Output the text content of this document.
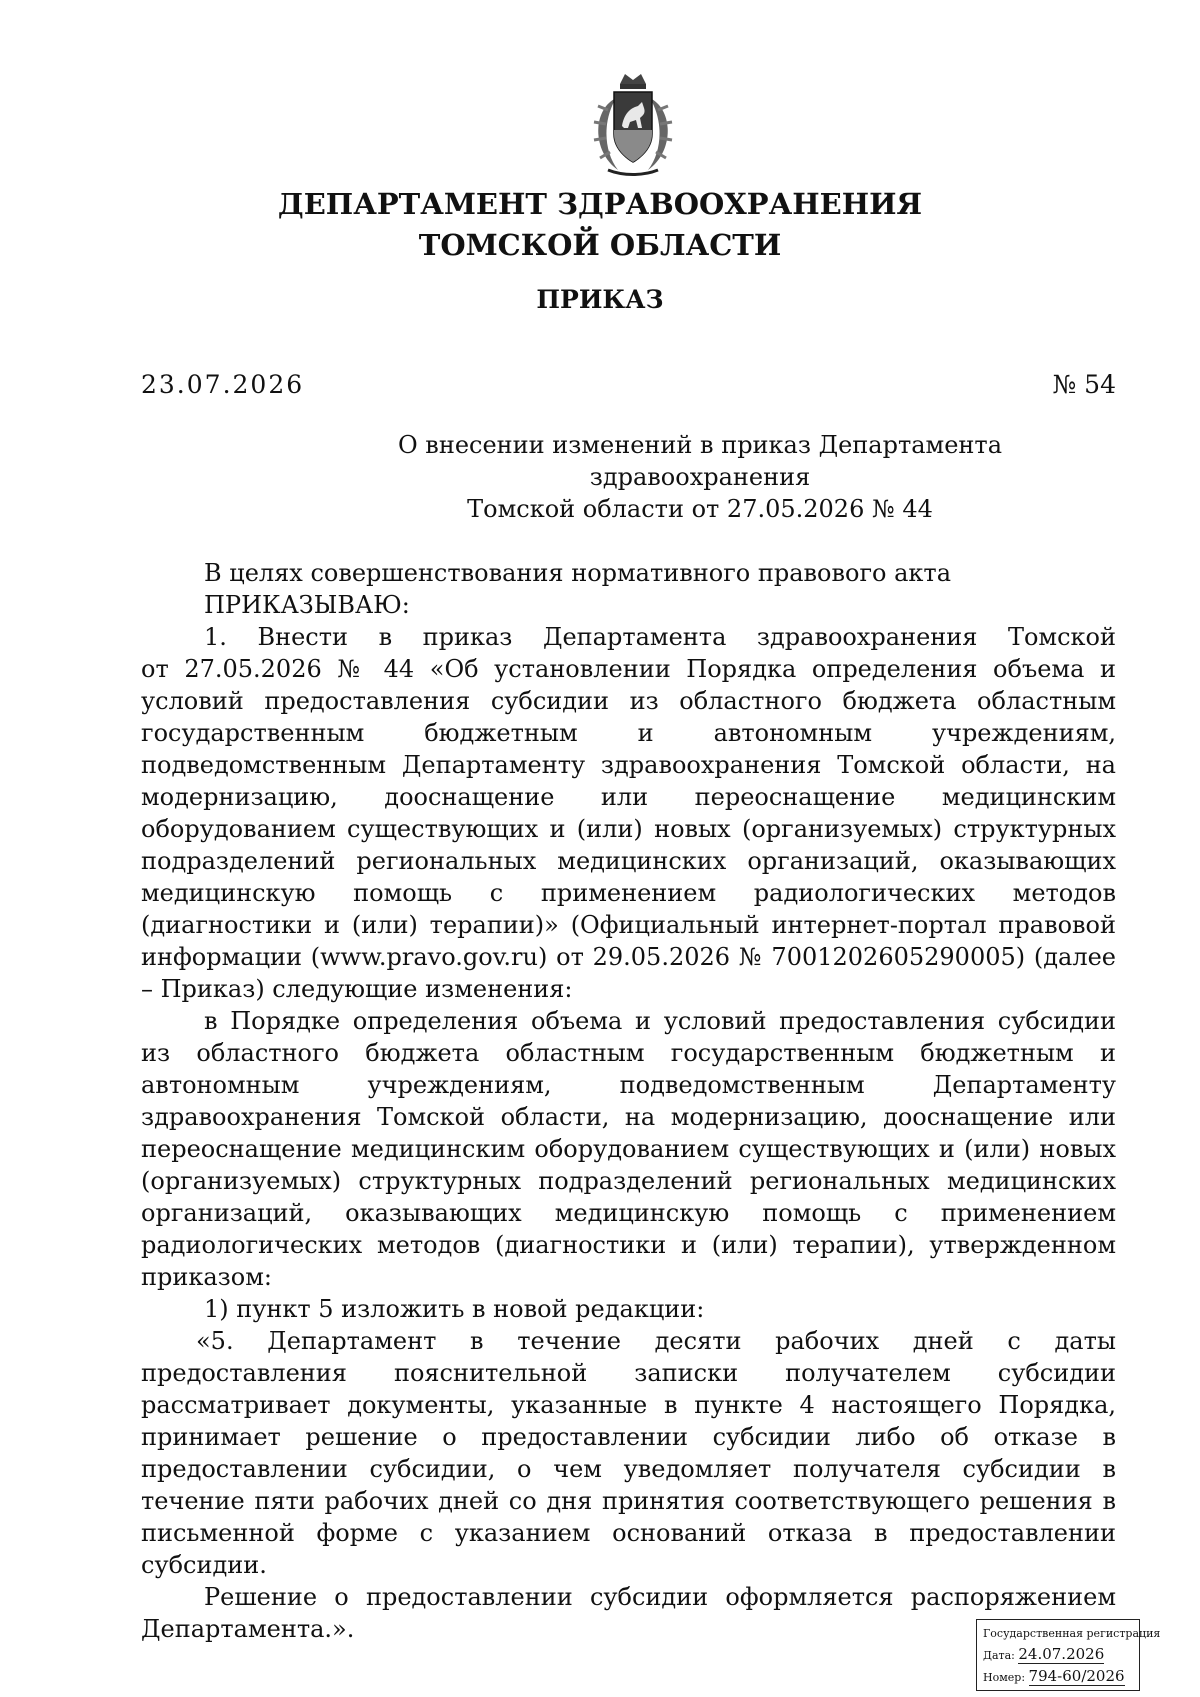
ДЕПАРТАМЕНТ ЗДРАВООХРАНЕНИЯ
ТОМСКОЙ ОБЛАСТИ
ПРИКАЗ
23.07.2026	№ 54
О внесении изменений в приказ Департамента здравоохранения
Томской области от 27.05.2026 № 44

В целях совершенствования нормативного правового акта

ПРИКАЗЫВАЮ:

1. Внести в приказ Департамента здравоохранения Томской

от 27.05.2026 № 44 «Об установлении Порядка определения объема и условий предоставления субсидии из областного бюджета областным государственным бюджетным и автономным учреждениям, подведомственным Департаменту здравоохранения Томской области, на модернизацию, дооснащение или переоснащение медицинским оборудованием существующих и (или) новых (организуемых) структурных подразделений региональных медицинских организаций, оказывающих медицинскую помощь с применением радиологических методов (диагностики и (или) терапии)» (Официальный интернет-портал правовой информации (www.pravo.gov.ru) от 29.05.2026 № 7001202605290005) (далее – Приказ) следующие изменения:

в Порядке определения объема и условий предоставления субсидии из областного бюджета областным государственным бюджетным и автономным учреждениям, подведомственным Департаменту здравоохранения Томской области, на модернизацию, дооснащение или переоснащение медицинским оборудованием существующих и (или) новых (организуемых) структурных подразделений региональных медицинских организаций, оказывающих медицинскую помощь с применением радиологических методов (диагностики и (или) терапии), утвержденном приказом:

1) пункт 5 изложить в новой редакции:

«5. Департамент в течение десяти рабочих дней с даты предоставления пояснительной записки получателем субсидии рассматривает документы, указанные в пункте 4 настоящего Порядка, принимает решение о предоставлении субсидии либо об отказе в предоставлении субсидии, о чем уведомляет получателя субсидии в течение пяти рабочих дней со дня принятия соответствующего решения в письменной форме с указанием оснований отказа в предоставлении субсидии.

Решение о предоставлении субсидии оформляется распоряжением Департамента.».	Государственная регистрация
Дата: 24.07.2026
Номер: 794-60/2026
